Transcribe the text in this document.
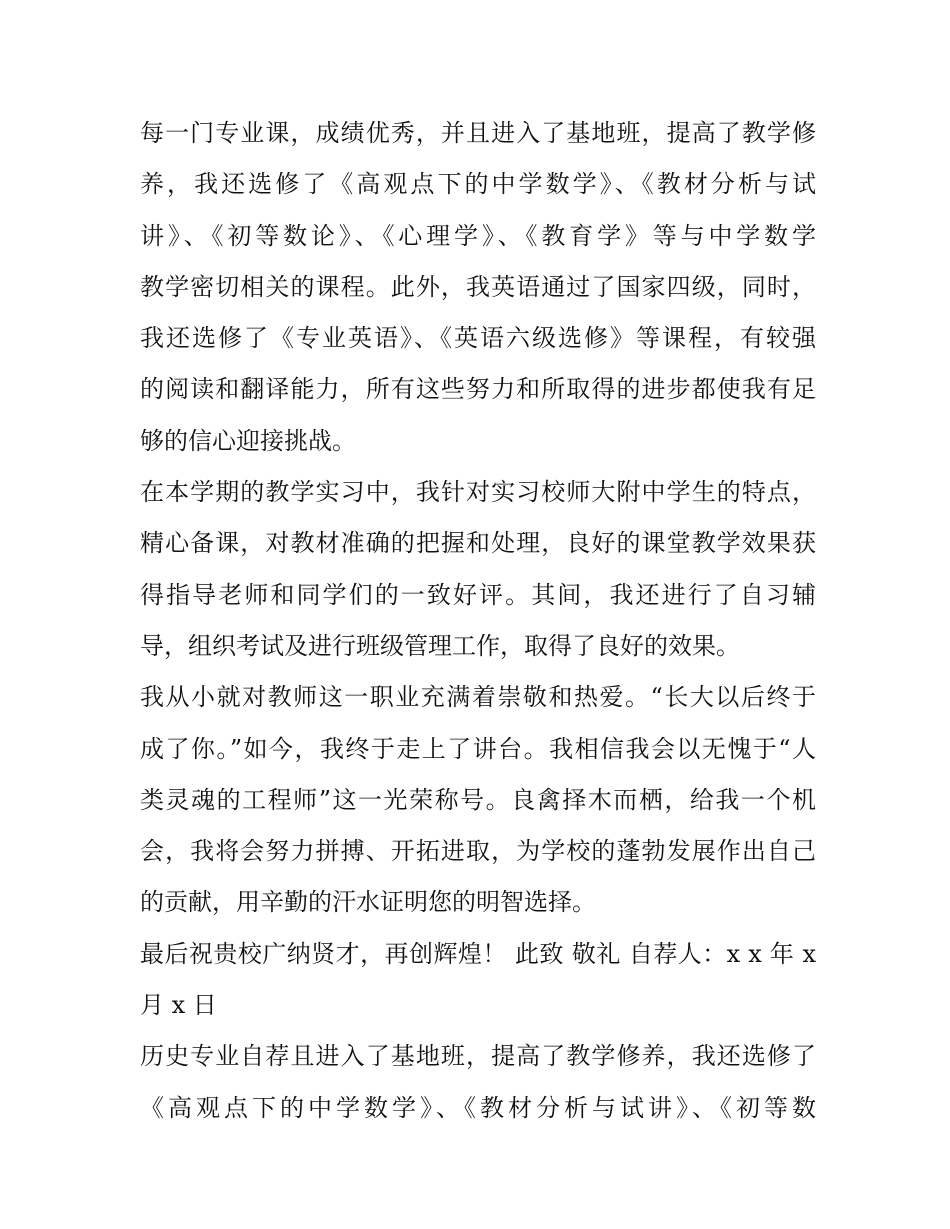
每一门专业课，成绩优秀，并且进入了基地班，提高了教学修
养，我还选修了《高观点下的中学数学》、《教材分析与试
讲》、《初等数论》、《心理学》、《教育学》等与中学数学
教学密切相关的课程。此外，我英语通过了国家四级，同时，
我还选修了《专业英语》、《英语六级选修》等课程，有较强
的阅读和翻译能力，所有这些努力和所取得的进步都使我有足
够的信心迎接挑战。
在本学期的教学实习中，我针对实习校师大附中学生的特点，
精心备课，对教材准确的把握和处理，良好的课堂教学效果获
得指导老师和同学们的一致好评。其间，我还进行了自习辅
导，组织考试及进行班级管理工作，取得了良好的效果。
我从小就对教师这一职业充满着崇敬和热爱。“长大以后终于
成了你。”如今，我终于走上了讲台。我相信我会以无愧于“人
类灵魂的工程师”这一光荣称号。良禽择木而栖，给我一个机
会，我将会努力拼搏、开拓进取，为学校的蓬勃发展作出自己
的贡献，用辛勤的汗水证明您的明智选择。
最后祝贵校广纳贤才，再创辉煌！ 此致 敬礼 自荐人：x x 年 x
月 x 日
历史专业自荐且进入了基地班，提高了教学修养，我还选修了
《高观点下的中学数学》、《教材分析与试讲》、《初等数
